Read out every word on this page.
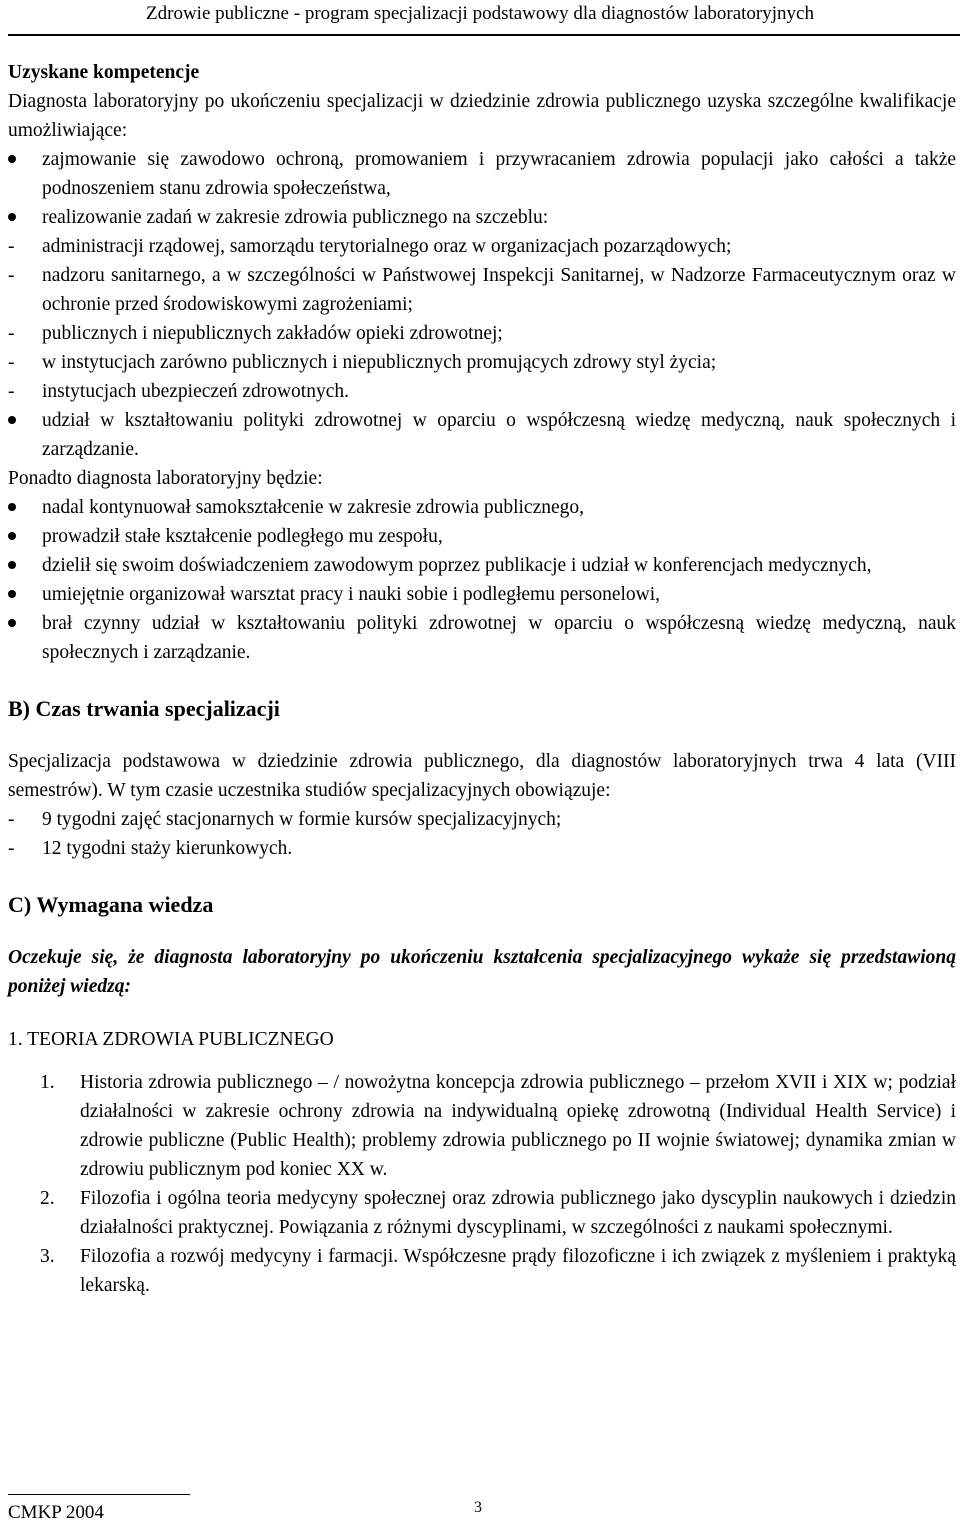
Zdrowie publiczne - program specjalizacji podstawowy dla diagnostów laboratoryjnych

Uzyskane kompetencje

Diagnosta laboratoryjny po ukończeniu specjalizacji w dziedzinie zdrowia publicznego uzyska szczególne kwalifikacje umożliwiające:

zajmowanie się zawodowo ochroną, promowaniem i przywracaniem zdrowia populacji jako całości a także podnoszeniem stanu zdrowia społeczeństwa,
realizowanie zadań w zakresie zdrowia publicznego na szczeblu:
- administracji rządowej, samorządu terytorialnego oraz w organizacjach pozarządowych;
- nadzoru sanitarnego, a w szczególności w Państwowej Inspekcji Sanitarnej, w Nadzorze Farmaceutycznym oraz w ochronie przed środowiskowymi zagrożeniami;
- publicznych i niepublicznych zakładów opieki zdrowotnej;
- w instytucjach zarówno publicznych i niepublicznych promujących zdrowy styl życia;
- instytucjach ubezpieczeń zdrowotnych.
udział w kształtowaniu polityki zdrowotnej w oparciu o współczesną wiedzę medyczną, nauk społecznych i zarządzanie.

Ponadto diagnosta laboratoryjny będzie:

nadal kontynuował samokształcenie w zakresie zdrowia publicznego,
prowadził stałe kształcenie podległego mu zespołu,
dzielił się swoim doświadczeniem zawodowym poprzez publikacje i udział w konferencjach medycznych,
umiejętnie organizował warsztat pracy i nauki sobie i podległemu personelowi,
brał czynny udział w kształtowaniu polityki zdrowotnej w oparciu o współczesną wiedzę medyczną, nauk społecznych i zarządzanie.

B) Czas trwania specjalizacji

Specjalizacja podstawowa w dziedzinie zdrowia publicznego, dla diagnostów laboratoryjnych trwa 4 lata (VIII semestrów). W tym czasie uczestnika studiów specjalizacyjnych obowiązuje:

- 9 tygodni zajęć stacjonarnych w formie kursów specjalizacyjnych;
- 12 tygodni staży kierunkowych.

C) Wymagana wiedza

Oczekuje się, że diagnosta laboratoryjny po ukończeniu kształcenia specjalizacyjnego wykaże się przedstawioną poniżej wiedzą:

1. TEORIA ZDROWIA PUBLICZNEGO

1. Historia zdrowia publicznego – / nowożytna koncepcja zdrowia publicznego – przełom XVII i XIX w; podział działalności w zakresie ochrony zdrowia na indywidualną opiekę zdrowotną (Individual Health Service) i zdrowie publiczne (Public Health); problemy zdrowia publicznego po II wojnie światowej; dynamika zmian w zdrowiu publicznym pod koniec XX w.
2. Filozofia i ogólna teoria medycyny społecznej oraz zdrowia publicznego jako dyscyplin naukowych i dziedzin działalności praktycznej. Powiązania z różnymi dyscyplinami, w szczególności z naukami społecznymi.
3. Filozofia a rozwój medycyny i farmacji. Współczesne prądy filozoficzne i ich związek z myśleniem i praktyką lekarską.
CMKP 2004	3
